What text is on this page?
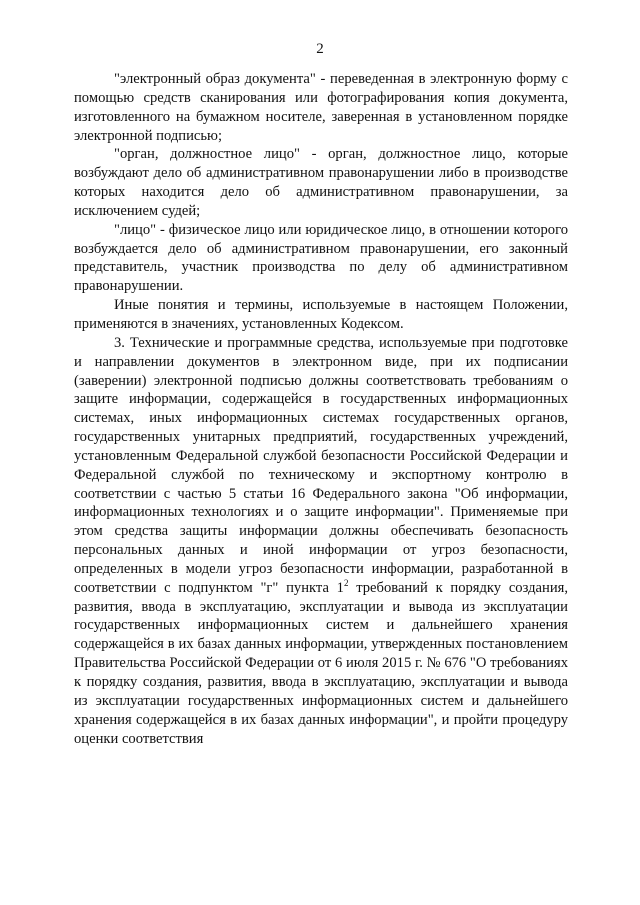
2

"электронный образ документа" - переведенная в электронную форму с помощью средств сканирования или фотографирования копия документа, изготовленного на бумажном носителе, заверенная в установленном порядке электронной подписью;

"орган, должностное лицо" - орган, должностное лицо, которые возбуждают дело об административном правонарушении либо в производстве которых находится дело об административном правонарушении, за исключением судей;

"лицо" - физическое лицо или юридическое лицо, в отношении которого возбуждается дело об административном правонарушении, его законный представитель, участник производства по делу об административном правонарушении.

Иные понятия и термины, используемые в настоящем Положении, применяются в значениях, установленных Кодексом.

3. Технические и программные средства, используемые при подготовке и направлении документов в электронном виде, при их подписании (заверении) электронной подписью должны соответствовать требованиям о защите информации, содержащейся в государственных информационных системах, иных информационных системах государственных органов, государственных унитарных предприятий, государственных учреждений, установленным Федеральной службой безопасности Российской Федерации и Федеральной службой по техническому и экспортному контролю в соответствии с частью 5 статьи 16 Федерального закона "Об информации, информационных технологиях и о защите информации". Применяемые при этом средства защиты информации должны обеспечивать безопасность персональных данных и иной информации от угроз безопасности, определенных в модели угроз безопасности информации, разработанной в соответствии с подпунктом "г" пункта $1^2$ требований к порядку создания, развития, ввода в эксплуатацию, эксплуатации и вывода из эксплуатации государственных информационных систем и дальнейшего хранения содержащейся в их базах данных информации, утвержденных постановлением Правительства Российской Федерации от 6 июля 2015 г. № 676 "О требованиях к порядку создания, развития, ввода в эксплуатацию, эксплуатации и вывода из эксплуатации государственных информационных систем и дальнейшего хранения содержащейся в их базах данных информации", и пройти процедуру оценки соответствия
